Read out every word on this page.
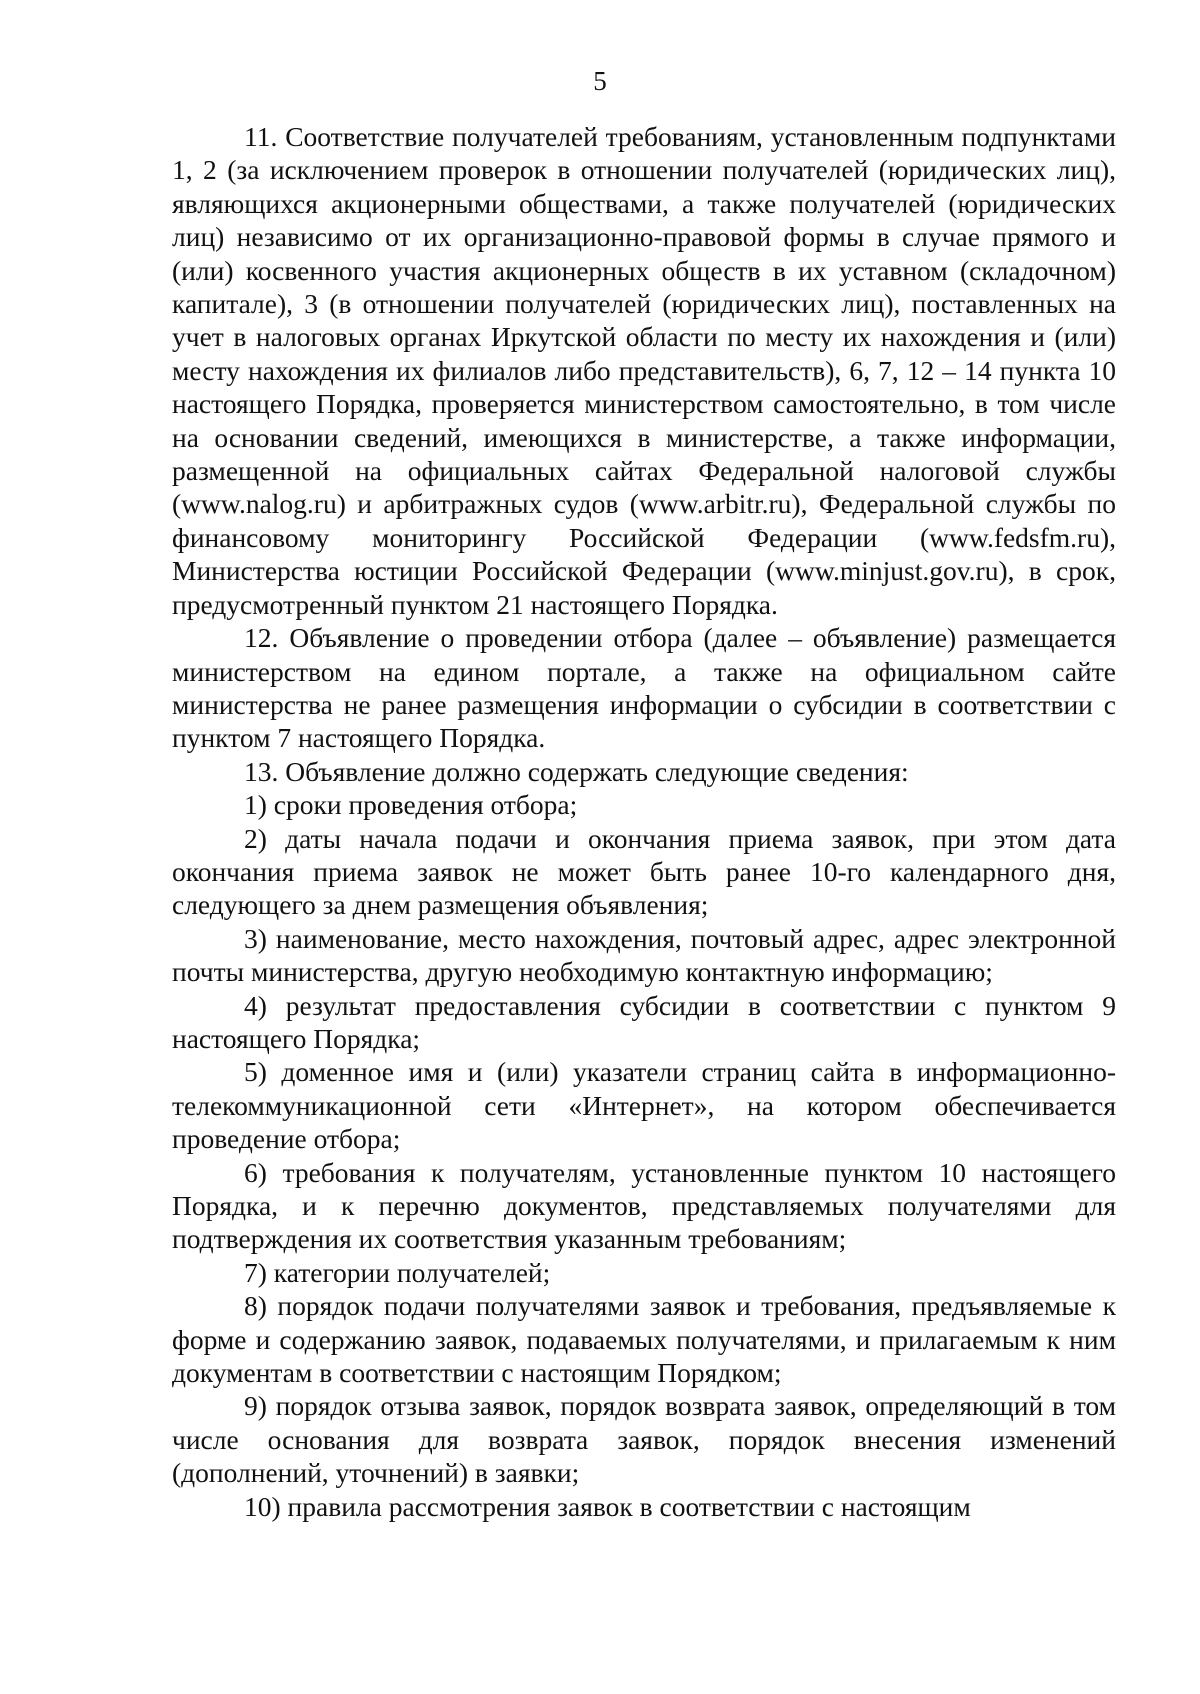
5

11. Соответствие получателей требованиям, установленным подпунктами 1, 2 (за исключением проверок в отношении получателей (юридических лиц), являющихся акционерными обществами, а также получателей (юридических лиц) независимо от их организационно-правовой формы в случае прямого и (или) косвенного участия акционерных обществ в их уставном (складочном) капитале), 3 (в отношении получателей (юридических лиц), поставленных на учет в налоговых органах Иркутской области по месту их нахождения и (или) месту нахождения их филиалов либо представительств), 6, 7, 12 – 14 пункта 10 настоящего Порядка, проверяется министерством самостоятельно, в том числе на основании сведений, имеющихся в министерстве, а также информации, размещенной на официальных сайтах Федеральной налоговой службы (www.nalog.ru) и арбитражных судов (www.arbitr.ru), Федеральной службы по финансовому мониторингу Российской Федерации (www.fedsfm.ru), Министерства юстиции Российской Федерации (www.minjust.gov.ru), в срок, предусмотренный пунктом 21 настоящего Порядка.

12. Объявление о проведении отбора (далее – объявление) размещается министерством на едином портале, а также на официальном сайте министерства не ранее размещения информации о субсидии в соответствии с пунктом 7 настоящего Порядка.

13. Объявление должно содержать следующие сведения:

1) сроки проведения отбора;

2) даты начала подачи и окончания приема заявок, при этом дата окончания приема заявок не может быть ранее 10-го календарного дня, следующего за днем размещения объявления;

3) наименование, место нахождения, почтовый адрес, адрес электронной почты министерства, другую необходимую контактную информацию;

4) результат предоставления субсидии в соответствии с пунктом 9 настоящего Порядка;

5) доменное имя и (или) указатели страниц сайта в информационно-телекоммуникационной сети «Интернет», на котором обеспечивается проведение отбора;

6) требования к получателям, установленные пунктом 10 настоящего Порядка, и к перечню документов, представляемых получателями для подтверждения их соответствия указанным требованиям;

7) категории получателей;

8) порядок подачи получателями заявок и требования, предъявляемые к форме и содержанию заявок, подаваемых получателями, и прилагаемым к ним документам в соответствии с настоящим Порядком;

9) порядок отзыва заявок, порядок возврата заявок, определяющий в том числе основания для возврата заявок, порядок внесения изменений (дополнений, уточнений) в заявки;

10) правила рассмотрения заявок в соответствии с настоящим
